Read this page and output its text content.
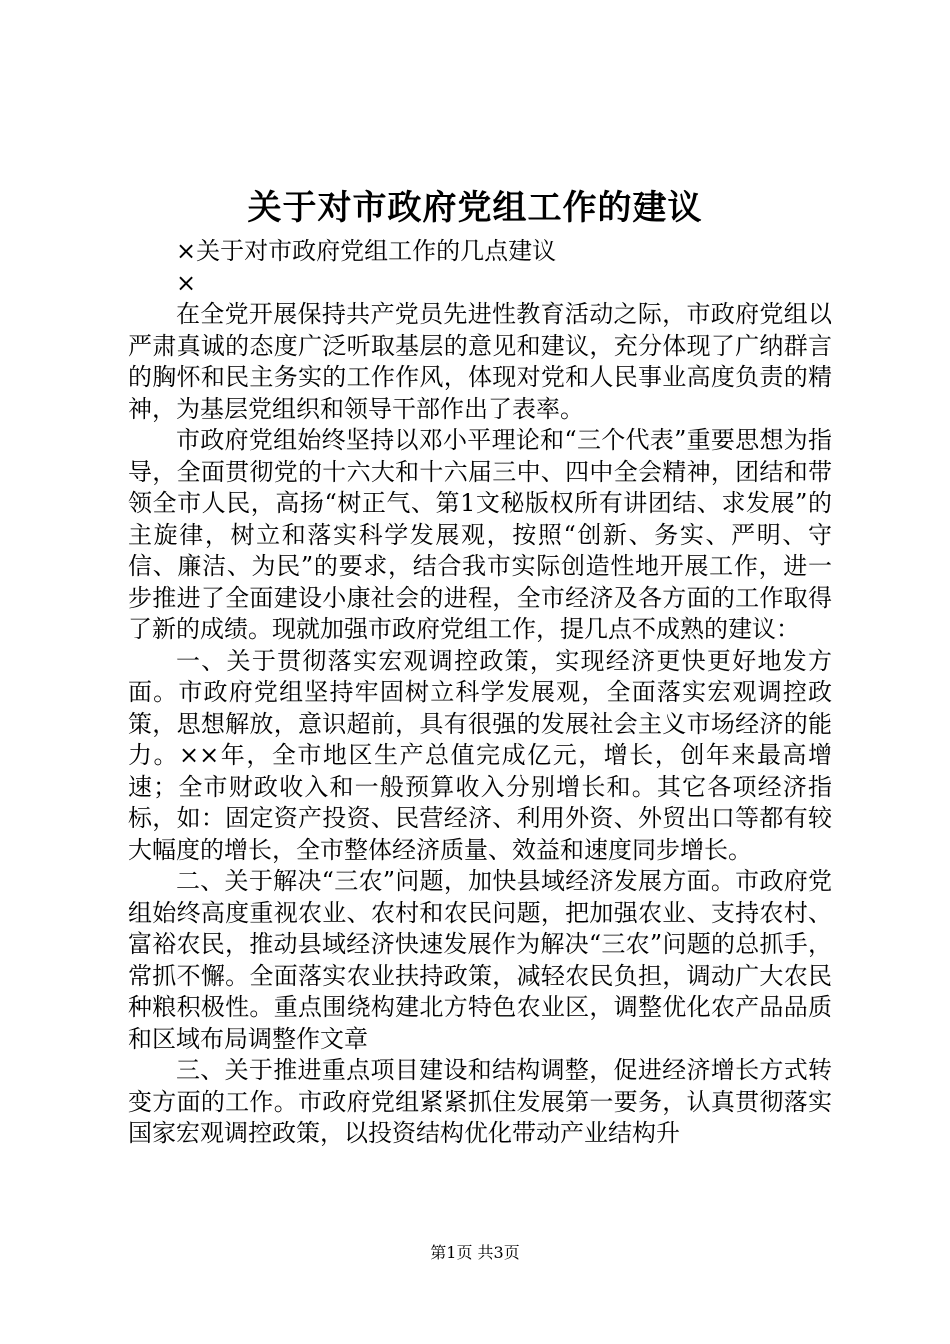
关于对市政府党组工作的建议

×关于对市政府党组工作的几点建议

×

在全党开展保持共产党员先进性教育活动之际，市政府党组以严肃真诚的态度广泛听取基层的意见和建议，充分体现了广纳群言的胸怀和民主务实的工作作风，体现对党和人民事业高度负责的精神，为基层党组织和领导干部作出了表率。

市政府党组始终坚持以邓小平理论和“三个代表”重要思想为指导，全面贯彻党的十六大和十六届三中、四中全会精神，团结和带领全市人民，高扬“树正气、第1文秘版权所有讲团结、求发展”的主旋律，树立和落实科学发展观，按照“创新、务实、严明、守信、廉洁、为民”的要求，结合我市实际创造性地开展工作，进一步推进了全面建设小康社会的进程，全市经济及各方面的工作取得了新的成绩。现就加强市政府党组工作，提几点不成熟的建议：

一、关于贯彻落实宏观调控政策，实现经济更快更好地发方面。市政府党组坚持牢固树立科学发展观，全面落实宏观调控政策，思想解放，意识超前，具有很强的发展社会主义市场经济的能力。××年，全市地区生产总值完成亿元，增长，创年来最高增速；全市财政收入和一般预算收入分别增长和。其它各项经济指标，如：固定资产投资、民营经济、利用外资、外贸出口等都有较大幅度的增长，全市整体经济质量、效益和速度同步增长。

二、关于解决“三农”问题，加快县域经济发展方面。市政府党组始终高度重视农业、农村和农民问题，把加强农业、支持农村、富裕农民，推动县域经济快速发展作为解决“三农”问题的总抓手，常抓不懈。全面落实农业扶持政策，减轻农民负担，调动广大农民种粮积极性。重点围绕构建北方特色农业区，调整优化农产品品质和区域布局调整作文章

三、关于推进重点项目建设和结构调整，促进经济增长方式转变方面的工作。市政府党组紧紧抓住发展第一要务，认真贯彻落实国家宏观调控政策，以投资结构优化带动产业结构升

第1页 共3页
